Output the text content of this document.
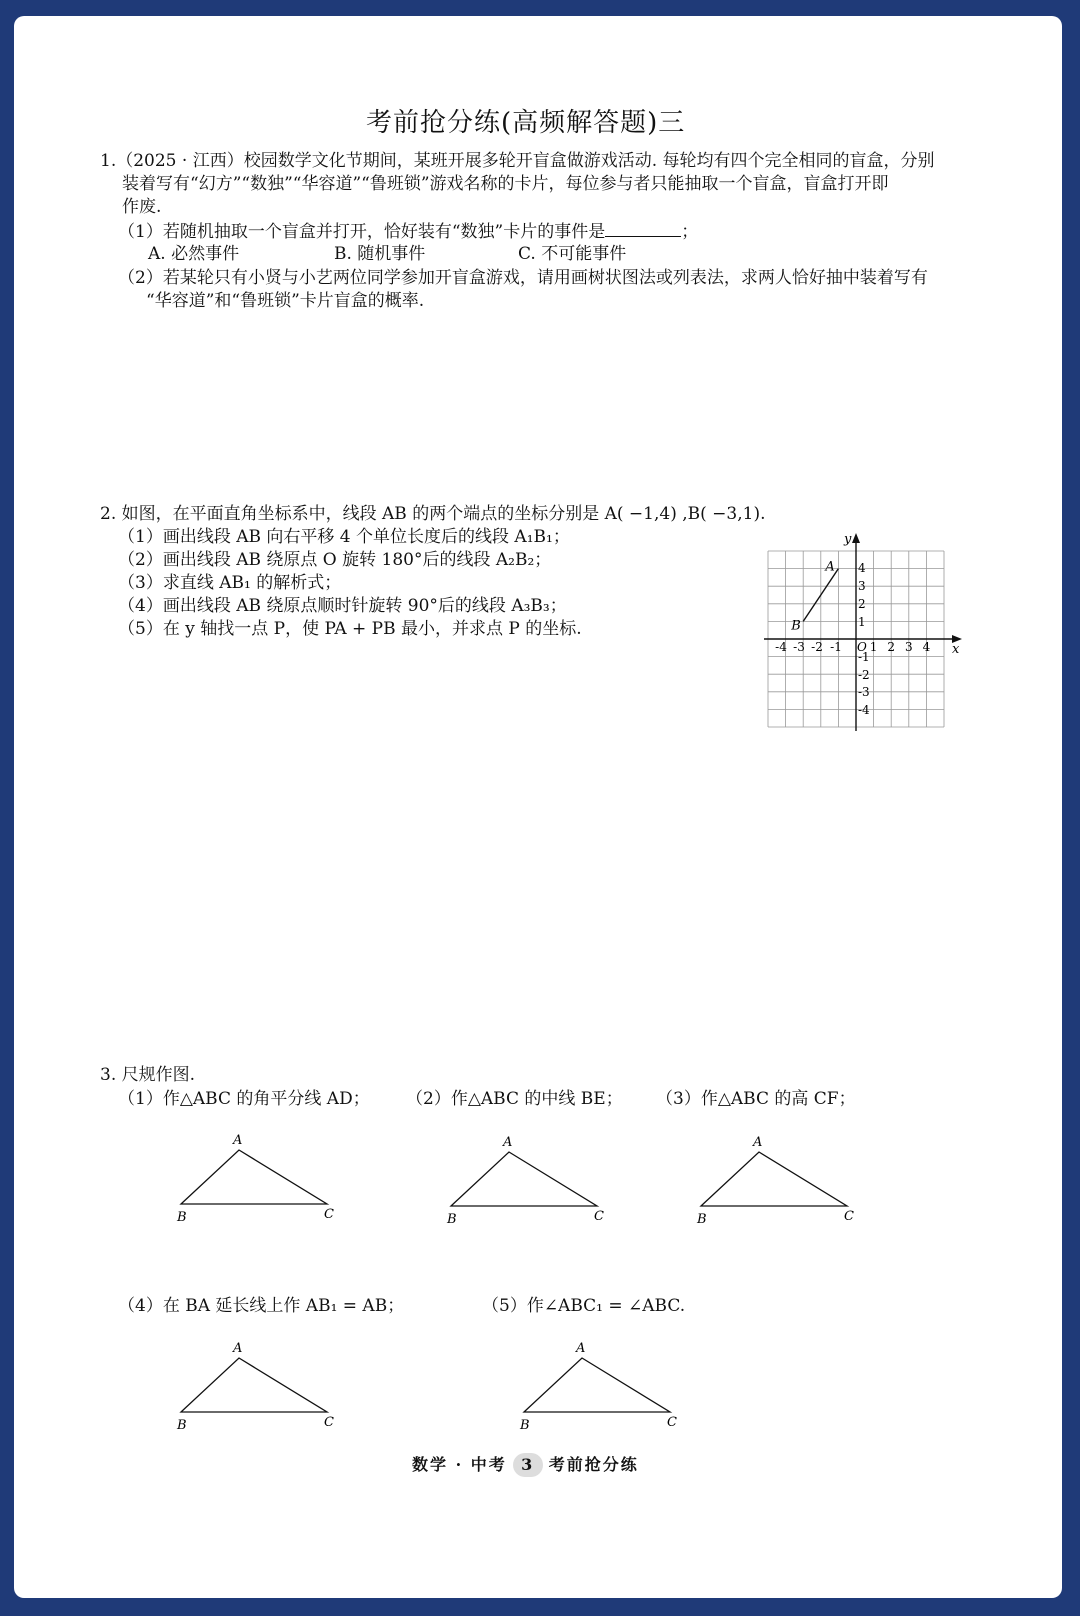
考前抢分练(高频解答题)三
1.（2025 · 江西）校园数学文化节期间，某班开展多轮开盲盒做游戏活动. 每轮均有四个完全相同的盲盒，分别
装着写有“幻方”“数独”“华容道”“鲁班锁”游戏名称的卡片，每位参与者只能抽取一个盲盒，盲盒打开即
作废.
（1）若随机抽取一个盲盒并打开，恰好装有“数独”卡片的事件是	；
A. 必然事件	B. 随机事件	C. 不可能事件
（2）若某轮只有小贤与小艺两位同学参加开盲盒游戏，请用画树状图法或列表法，求两人恰好抽中装着写有
“华容道”和“鲁班锁”卡片盲盒的概率.
2. 如图，在平面直角坐标系中，线段 AB 的两个端点的坐标分别是 A( −1,4) ,B( −3,1).
（1）画出线段 AB 向右平移 4 个单位长度后的线段 A₁B₁；
（2）画出线段 AB 绕原点 O 旋转 180°后的线段 A₂B₂；
（3）求直线 AB₁ 的解析式；
（4）画出线段 AB 绕原点顺时针旋转 90°后的线段 A₃B₃；
（5）在 y 轴找一点 P，使 PA + PB 最小，并求点 P 的坐标.
x
y
O
-4 -3 -2 -1 1 2 3 4
4
3
2
1
-1
-2
-3
-4
A
B
3. 尺规作图.
（1）作△ABC 的角平分线 AD； （2）作△ABC 的中线 BE； （3）作△ABC 的高 CF；
（4）在 BA 延长线上作 AB₁ = AB；	（5）作∠ABC₁ = ∠ABC.
A
B	C
A
B	C
A
B	C
A
B	C
A
B	C
数学 · 中考 3 考前抢分练
